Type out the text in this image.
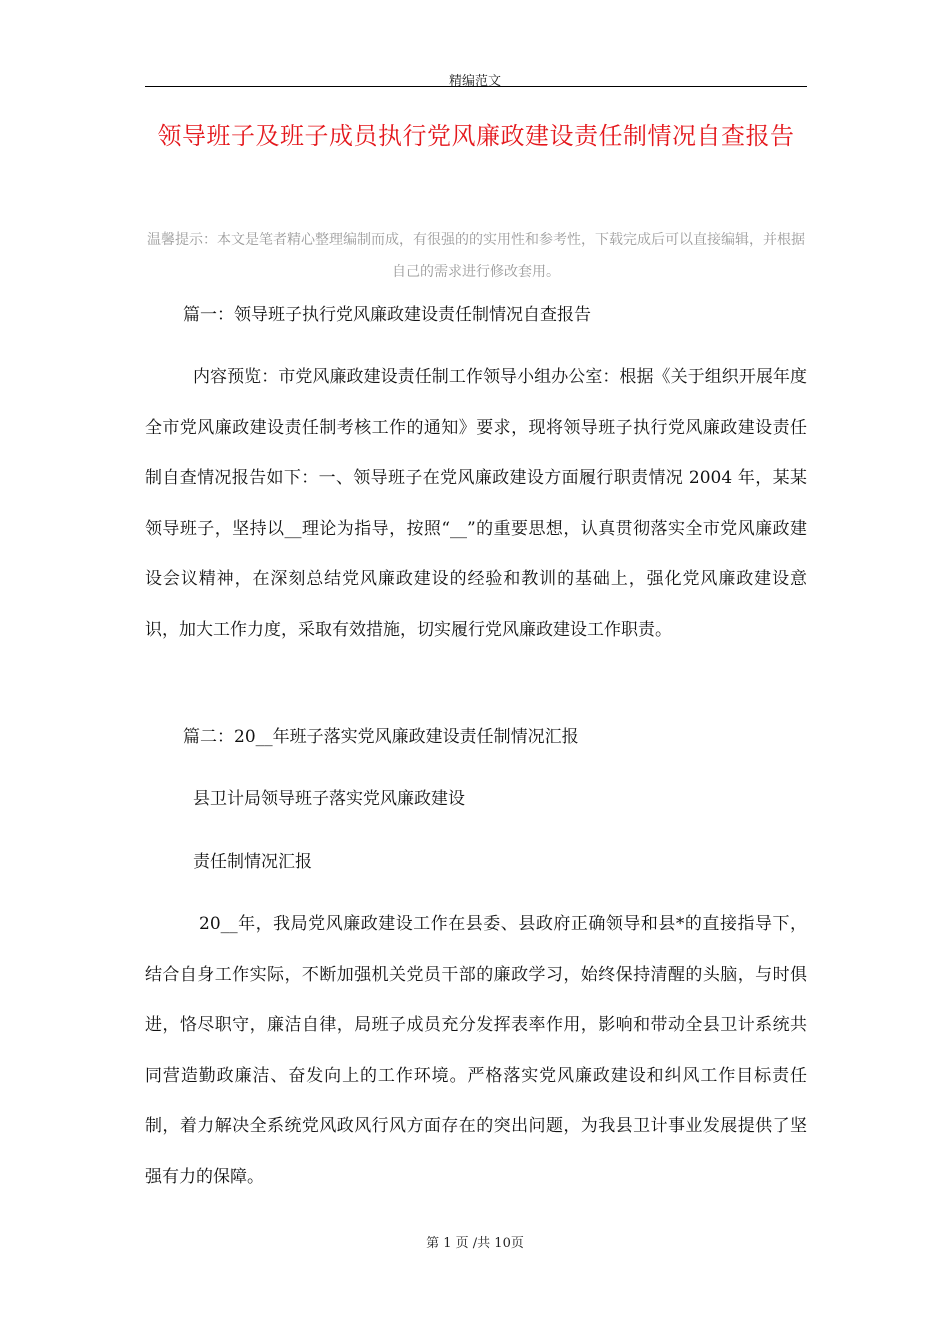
精编范文
领导班子及班子成员执行党风廉政建设责任制情况自查报告
温馨提示：本文是笔者精心整理编制而成，有很强的的实用性和参考性，下载完成后可以直接编辑，并根据自己的需求进行修改套用。
篇一：领导班子执行党风廉政建设责任制情况自查报告
内容预览：市党风廉政建设责任制工作领导小组办公室：根据《关于组织开展年度全市党风廉政建设责任制考核工作的通知》要求，现将领导班子执行党风廉政建设责任制自查情况报告如下：一、领导班子在党风廉政建设方面履行职责情况 2004 年，某某领导班子，坚持以__理论为指导，按照“__”的重要思想，认真贯彻落实全市党风廉政建设会议精神，在深刻总结党风廉政建设的经验和教训的基础上，强化党风廉政建设意识，加大工作力度，采取有效措施，切实履行党风廉政建设工作职责。
篇二：20__年班子落实党风廉政建设责任制情况汇报
县卫计局领导班子落实党风廉政建设
责任制情况汇报
20__年，我局党风廉政建设工作在县委、县政府正确领导和县*的直接指导下，结合自身工作实际，不断加强机关党员干部的廉政学习，始终保持清醒的头脑，与时俱进，恪尽职守，廉洁自律，局班子成员充分发挥表率作用，影响和带动全县卫计系统共同营造勤政廉洁、奋发向上的工作环境。严格落实党风廉政建设和纠风工作目标责任制，着力解决全系统党风政风行风方面存在的突出问题，为我县卫计事业发展提供了坚强有力的保障。
第 1 页 /共 10页
